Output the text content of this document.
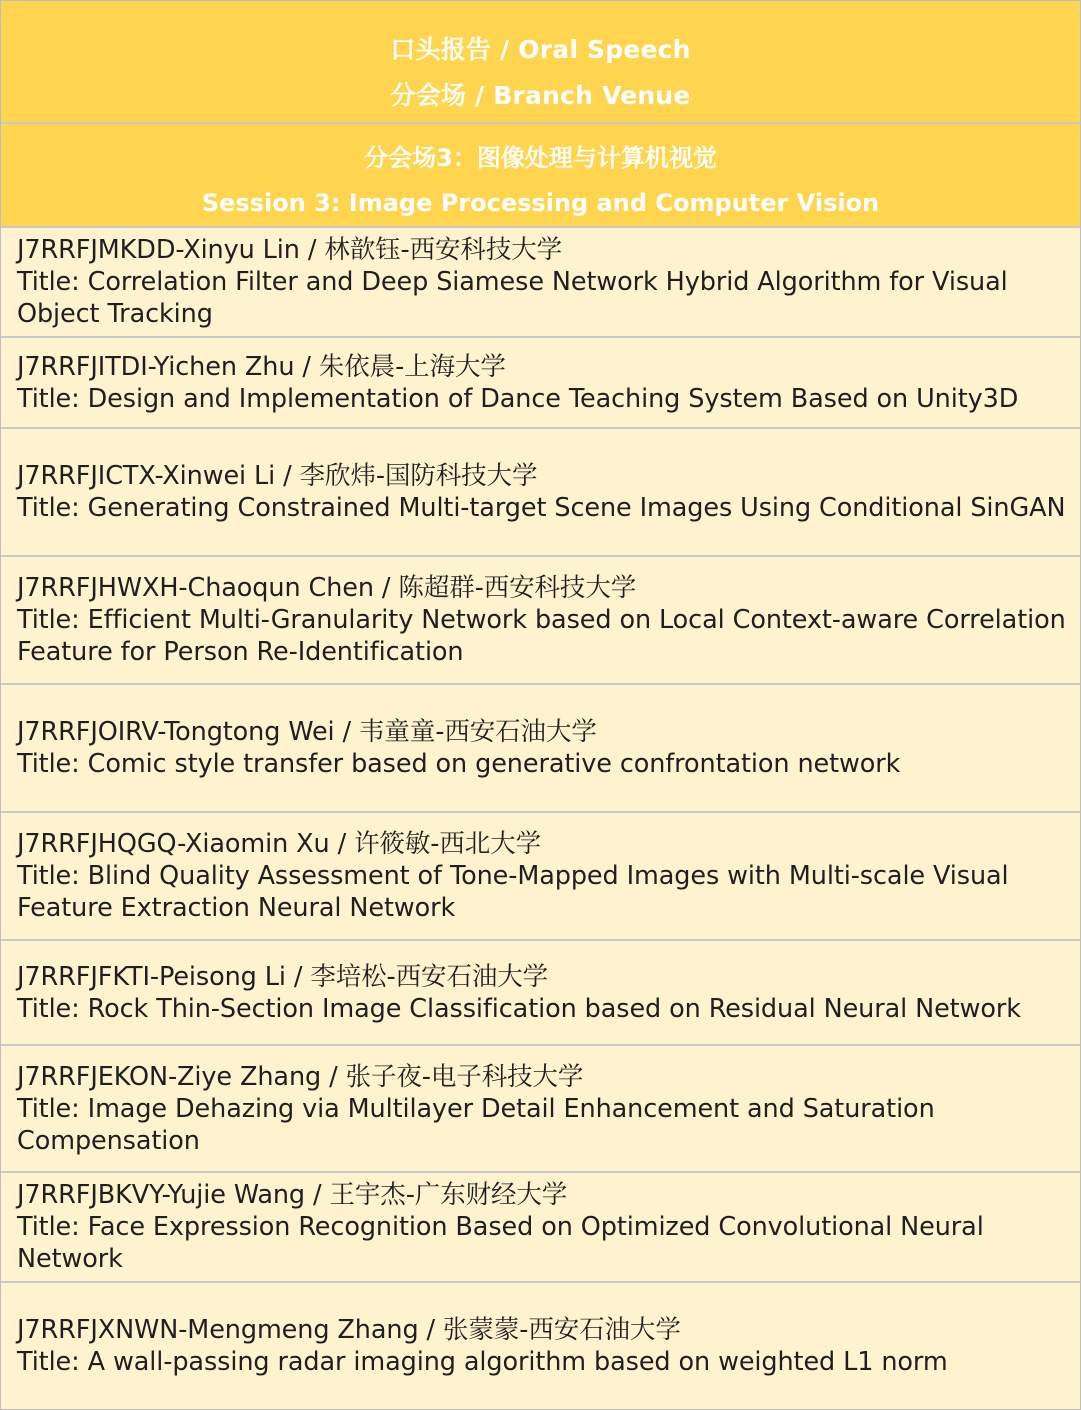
口头报告 / Oral Speech
分会场 / Branch Venue
分会场3：图像处理与计算机视觉
Session 3: Image Processing and Computer Vision
J7RRFJMKDD-Xinyu Lin / 林歆钰-西安科技大学
Title: Correlation Filter and Deep Siamese Network Hybrid Algorithm for Visual Object Tracking
J7RRFJITDI-Yichen Zhu / 朱依晨-上海大学
Title: Design and Implementation of Dance Teaching System Based on Unity3D
J7RRFJICTX-Xinwei Li / 李欣炜-国防科技大学
Title: Generating Constrained Multi-target Scene Images Using Conditional SinGAN
J7RRFJHWXH-Chaoqun Chen / 陈超群-西安科技大学
Title: Efficient Multi-Granularity Network based on Local Context-aware Correlation Feature for Person Re-Identification
J7RRFJOIRV-Tongtong Wei / 韦童童-西安石油大学
Title: Comic style transfer based on generative confrontation network
J7RRFJHQGQ-Xiaomin Xu / 许筱敏-西北大学
Title: Blind Quality Assessment of Tone-Mapped Images with Multi-scale Visual Feature Extraction Neural Network
J7RRFJFKTI-Peisong Li / 李培松-西安石油大学
Title: Rock Thin-Section Image Classification based on Residual Neural Network
J7RRFJEKON-Ziye Zhang / 张子夜-电子科技大学
Title: Image Dehazing via Multilayer Detail Enhancement and Saturation Compensation
J7RRFJBKVY-Yujie Wang / 王宇杰-广东财经大学
Title: Face Expression Recognition Based on Optimized Convolutional Neural Network
J7RRFJXNWN-Mengmeng Zhang / 张蒙蒙-西安石油大学
Title: A wall-passing radar imaging algorithm based on weighted L1 norm
